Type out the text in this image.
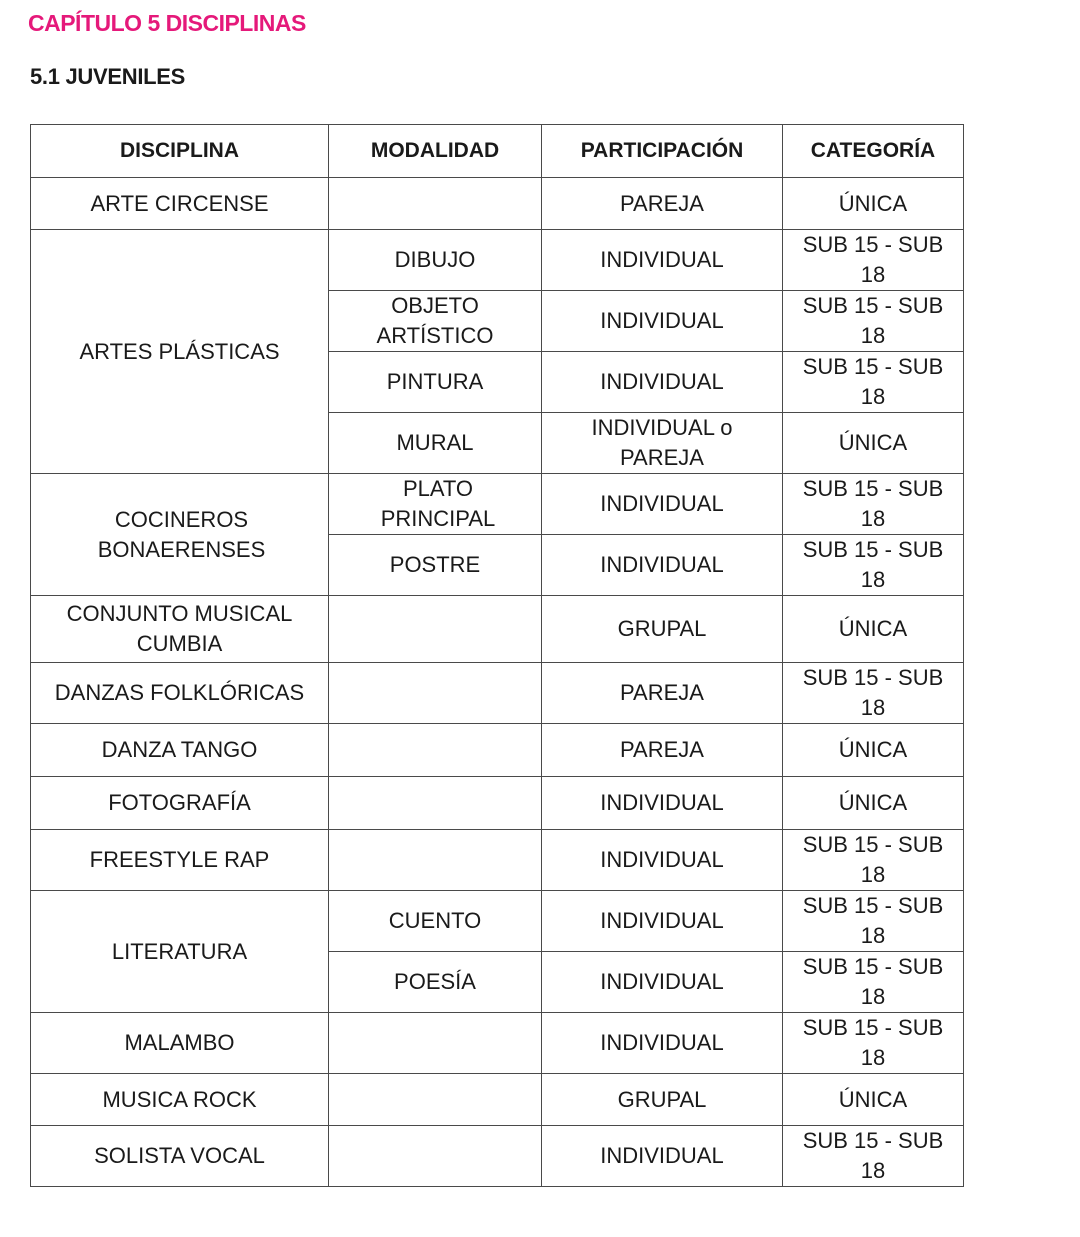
CAPÍTULO 5 DISCIPLINAS
5.1 JUVENILES
DISCIPLINA	MODALIDAD	PARTICIPACIÓN	CATEGORÍA
ARTE CIRCENSE		PAREJA	ÚNICA
ARTES PLÁSTICAS	DIBUJO	INDIVIDUAL	SUB 15 - SUB 18
	OBJETO ARTÍSTICO	INDIVIDUAL	SUB 15 - SUB 18
	PINTURA	INDIVIDUAL	SUB 15 - SUB 18
	MURAL	INDIVIDUAL o PAREJA	ÚNICA
COCINEROS BONAERENSES	PLATO PRINCIPAL	INDIVIDUAL	SUB 15 - SUB 18
	POSTRE	INDIVIDUAL	SUB 15 - SUB 18
CONJUNTO MUSICAL CUMBIA		GRUPAL	ÚNICA
DANZAS FOLKLÓRICAS		PAREJA	SUB 15 - SUB 18
DANZA TANGO		PAREJA	ÚNICA
FOTOGRAFÍA		INDIVIDUAL	ÚNICA
FREESTYLE RAP		INDIVIDUAL	SUB 15 - SUB 18
LITERATURA	CUENTO	INDIVIDUAL	SUB 15 - SUB 18
	POESÍA	INDIVIDUAL	SUB 15 - SUB 18
MALAMBO		INDIVIDUAL	SUB 15 - SUB 18
MUSICA ROCK		GRUPAL	ÚNICA
SOLISTA VOCAL		INDIVIDUAL	SUB 15 - SUB 18
